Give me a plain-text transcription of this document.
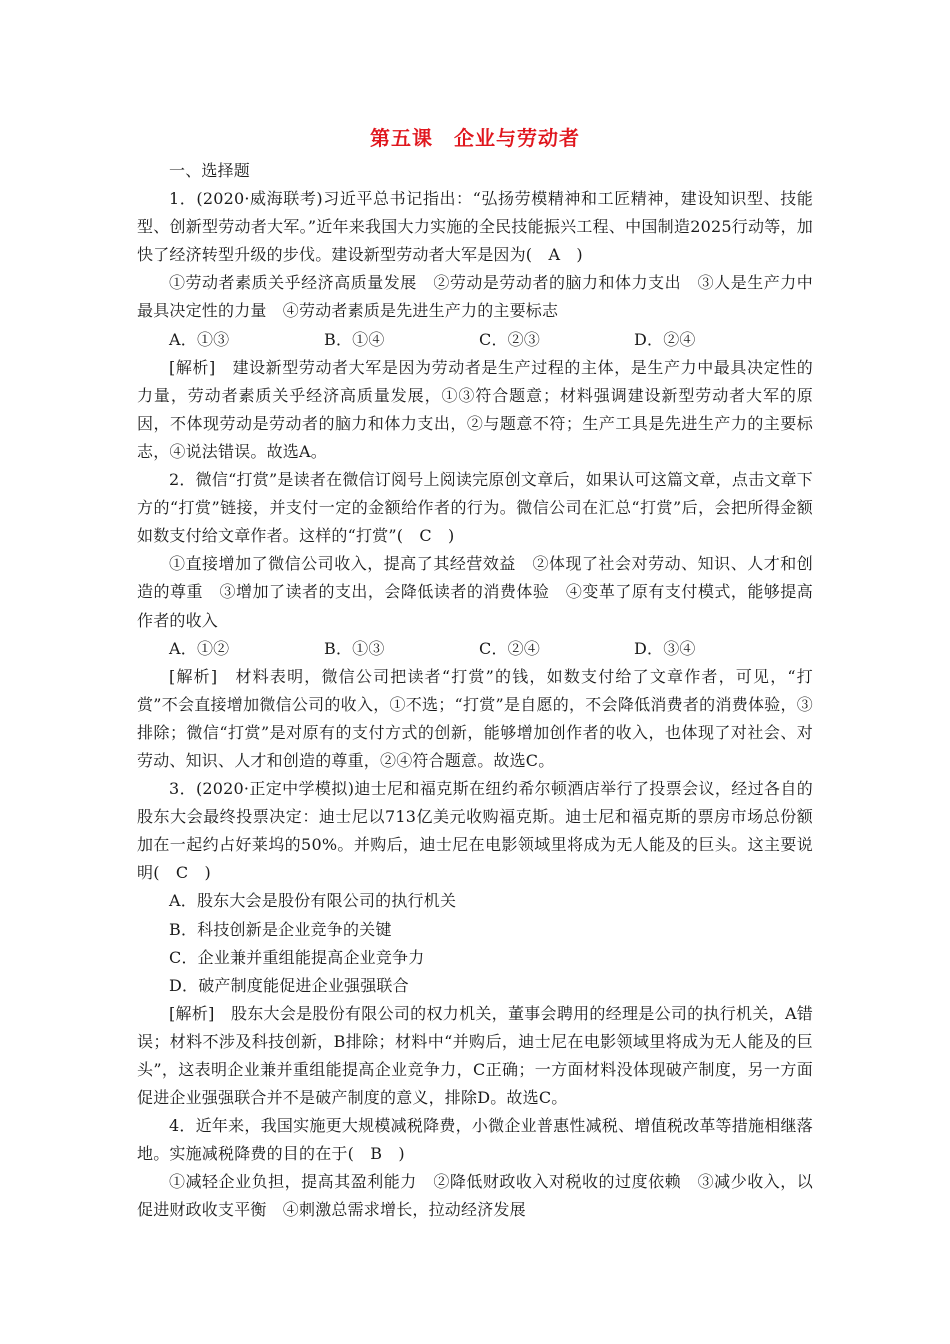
第五课　企业与劳动者

一、选择题

1．(2020·威海联考)习近平总书记指出：“弘扬劳模精神和工匠精神，建设知识型、技能型、创新型劳动者大军。”近年来我国大力实施的全民技能振兴工程、中国制造2025行动等，加快了经济转型升级的步伐。建设新型劳动者大军是因为(　A　)

①劳动者素质关乎经济高质量发展　②劳动是劳动者的脑力和体力支出　③人是生产力中最具决定性的力量　④劳动者素质是先进生产力的主要标志

A．①③	B．①④	C．②③	D．②④

[解析]　建设新型劳动者大军是因为劳动者是生产过程的主体，是生产力中最具决定性的力量，劳动者素质关乎经济高质量发展，①③符合题意；材料强调建设新型劳动者大军的原因，不体现劳动是劳动者的脑力和体力支出，②与题意不符；生产工具是先进生产力的主要标志，④说法错误。故选A。

2．微信“打赏”是读者在微信订阅号上阅读完原创文章后，如果认可这篇文章，点击文章下方的“打赏”链接，并支付一定的金额给作者的行为。微信公司在汇总“打赏”后，会把所得金额如数支付给文章作者。这样的“打赏”(　C　)

①直接增加了微信公司收入，提高了其经营效益　②体现了社会对劳动、知识、人才和创造的尊重　③增加了读者的支出，会降低读者的消费体验　④变革了原有支付模式，能够提高作者的收入

A．①②	B．①③	C．②④	D．③④

[解析]　材料表明，微信公司把读者“打赏”的钱，如数支付给了文章作者，可见，“打赏”不会直接增加微信公司的收入，①不选；“打赏”是自愿的，不会降低消费者的消费体验，③排除；微信“打赏”是对原有的支付方式的创新，能够增加创作者的收入，也体现了对社会、对劳动、知识、人才和创造的尊重，②④符合题意。故选C。

3．(2020·正定中学模拟)迪士尼和福克斯在纽约希尔顿酒店举行了投票会议，经过各自的股东大会最终投票决定：迪士尼以713亿美元收购福克斯。迪士尼和福克斯的票房市场总份额加在一起约占好莱坞的50%。并购后，迪士尼在电影领域里将成为无人能及的巨头。这主要说明(　C　)

A．股东大会是股份有限公司的执行机关
B．科技创新是企业竞争的关键
C．企业兼并重组能提高企业竞争力
D．破产制度能促进企业强强联合

[解析]　股东大会是股份有限公司的权力机关，董事会聘用的经理是公司的执行机关，A错误；材料不涉及科技创新，B排除；材料中“并购后，迪士尼在电影领域里将成为无人能及的巨头”，这表明企业兼并重组能提高企业竞争力，C正确；一方面材料没体现破产制度，另一方面促进企业强强联合并不是破产制度的意义，排除D。故选C。

4．近年来，我国实施更大规模减税降费，小微企业普惠性减税、增值税改革等措施相继落地。实施减税降费的目的在于(　B　)

①减轻企业负担，提高其盈利能力　②降低财政收入对税收的过度依赖　③减少收入，以促进财政收支平衡　④刺激总需求增长，拉动经济发展
